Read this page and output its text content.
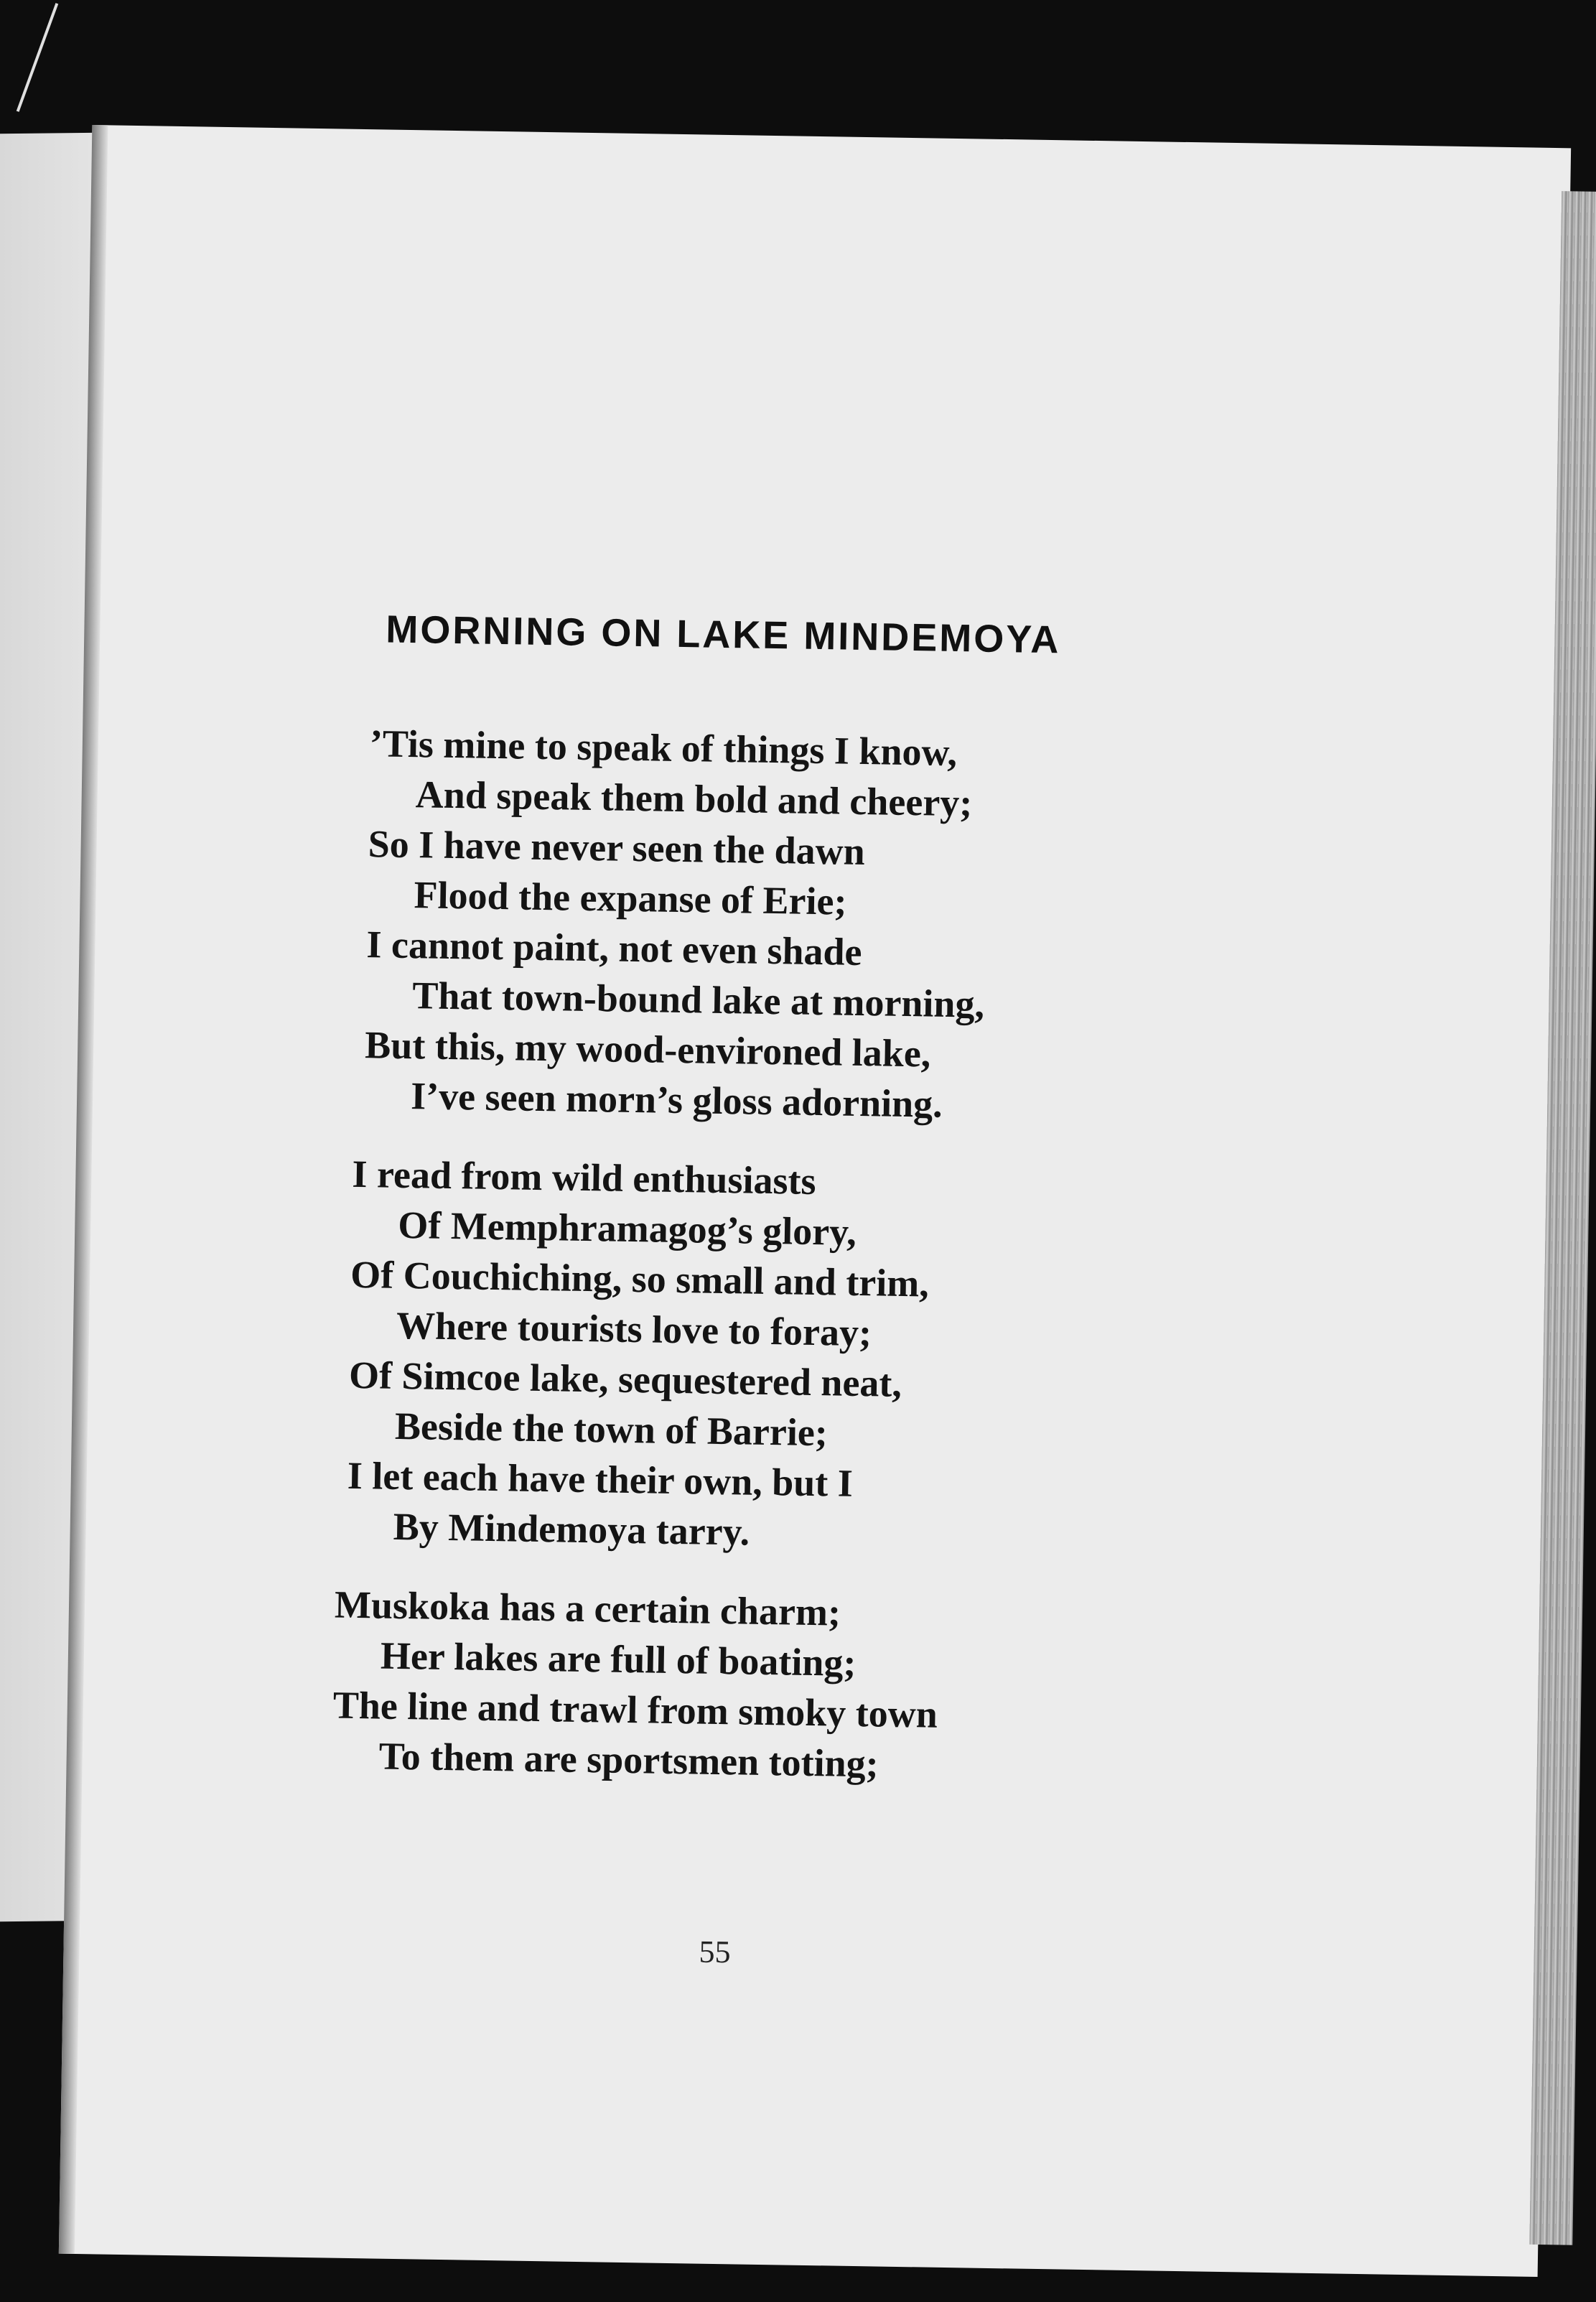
MORNING ON LAKE MINDEMOYA
’Tis mine to speak of things I know,
And speak them bold and cheery;
So I have never seen the dawn
Flood the expanse of Erie;
I cannot paint, not even shade
That town-bound lake at morning,
But this, my wood-environed lake,
I’ve seen morn’s gloss adorning.
I read from wild enthusiasts
Of Memphramagog’s glory,
Of Couchiching, so small and trim,
Where tourists love to foray;
Of Simcoe lake, sequestered neat,
Beside the town of Barrie;
I let each have their own, but I
By Mindemoya tarry.
Muskoka has a certain charm;
Her lakes are full of boating;
The line and trawl from smoky town
To them are sportsmen toting;
55
